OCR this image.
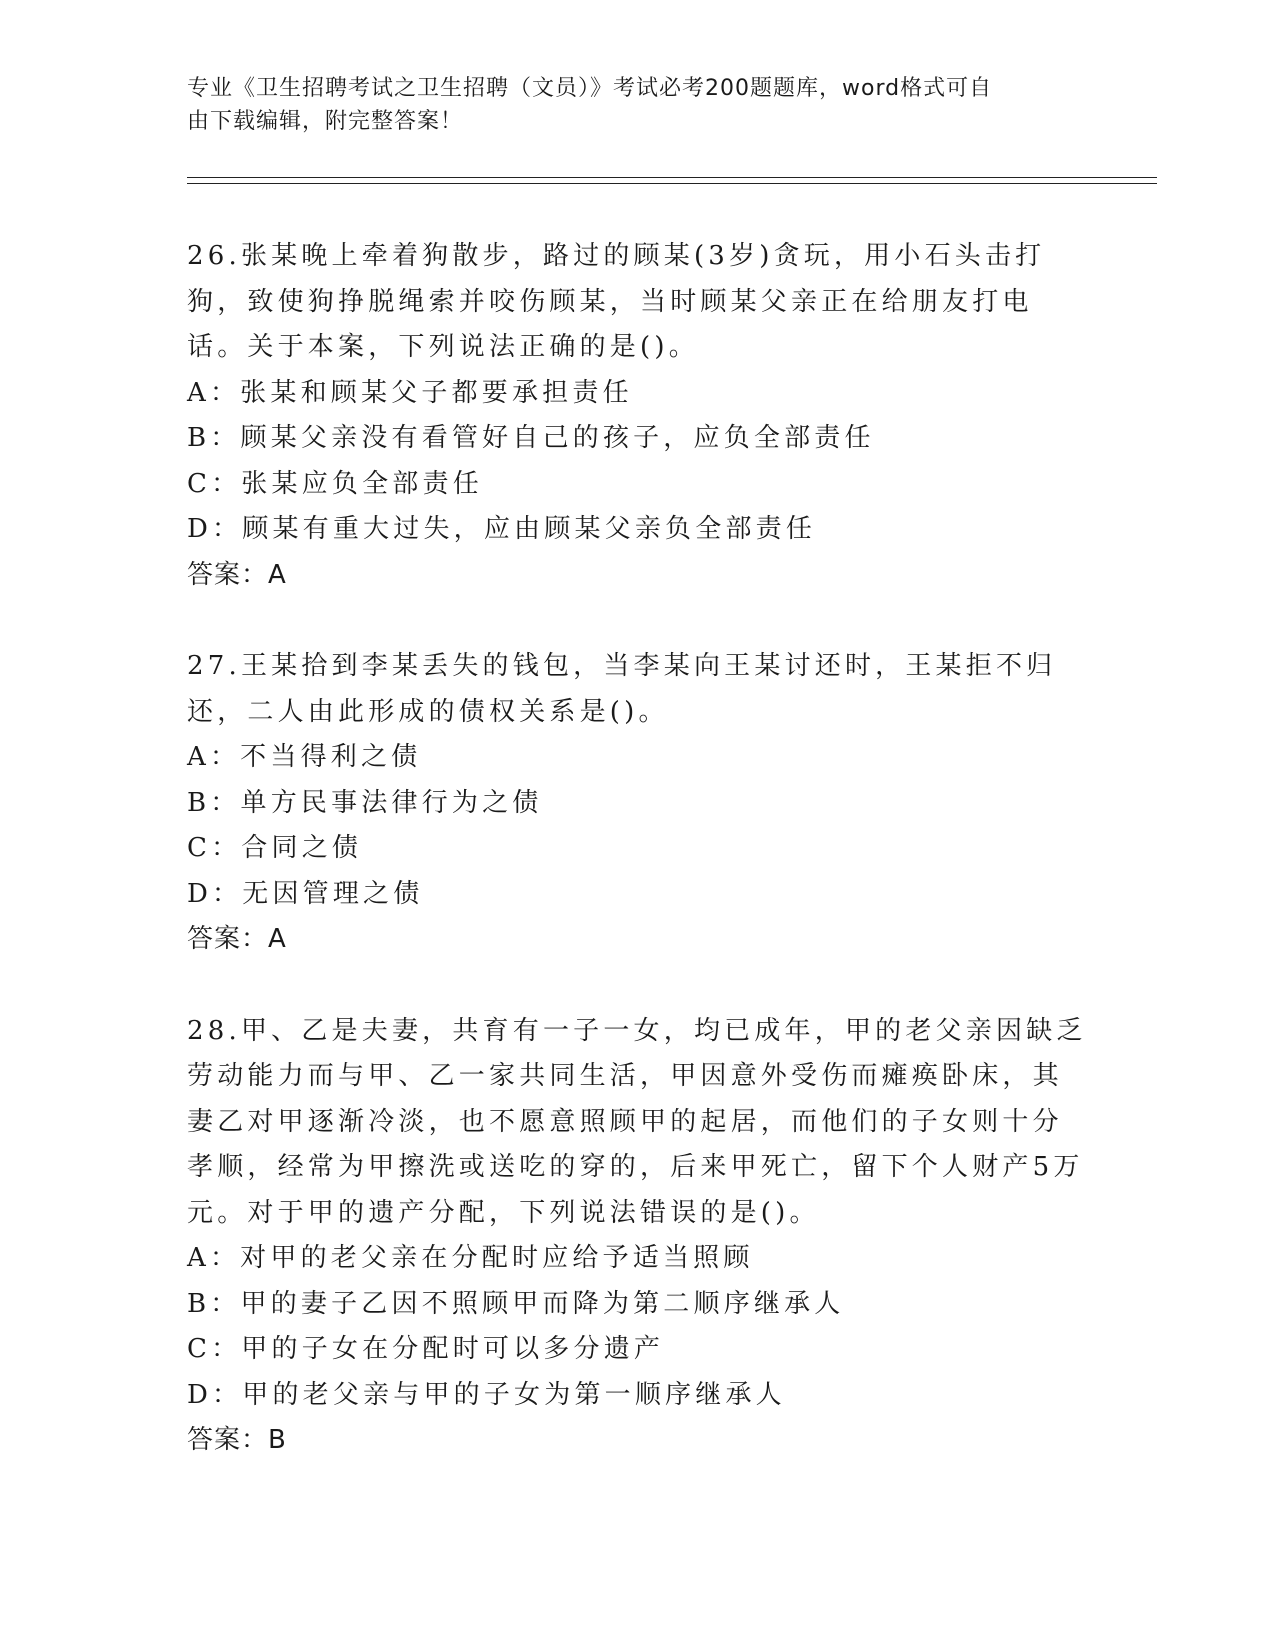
专业《卫生招聘考试之卫生招聘（文员）》考试必考200题题库，word格式可自
由下载编辑，附完整答案！

26.张某晚上牵着狗散步，路过的顾某(3岁)贪玩，用小石头击打狗，致使狗挣脱绳索并咬伤顾某，当时顾某父亲正在给朋友打电话。关于本案，下列说法正确的是()。

A：张某和顾某父子都要承担责任

B：顾某父亲没有看管好自己的孩子，应负全部责任

C：张某应负全部责任

D：顾某有重大过失，应由顾某父亲负全部责任

答案：A

27.王某拾到李某丢失的钱包，当李某向王某讨还时，王某拒不归还，二人由此形成的债权关系是()。

A：不当得利之债

B：单方民事法律行为之债

C：合同之债

D：无因管理之债

答案：A

28.甲、乙是夫妻，共育有一子一女，均已成年，甲的老父亲因缺乏劳动能力而与甲、乙一家共同生活，甲因意外受伤而瘫痪卧床，其妻乙对甲逐渐冷淡，也不愿意照顾甲的起居，而他们的子女则十分孝顺，经常为甲擦洗或送吃的穿的，后来甲死亡，留下个人财产5万元。对于甲的遗产分配，下列说法错误的是()。

A：对甲的老父亲在分配时应给予适当照顾

B：甲的妻子乙因不照顾甲而降为第二顺序继承人

C：甲的子女在分配时可以多分遗产

D：甲的老父亲与甲的子女为第一顺序继承人

答案：B
